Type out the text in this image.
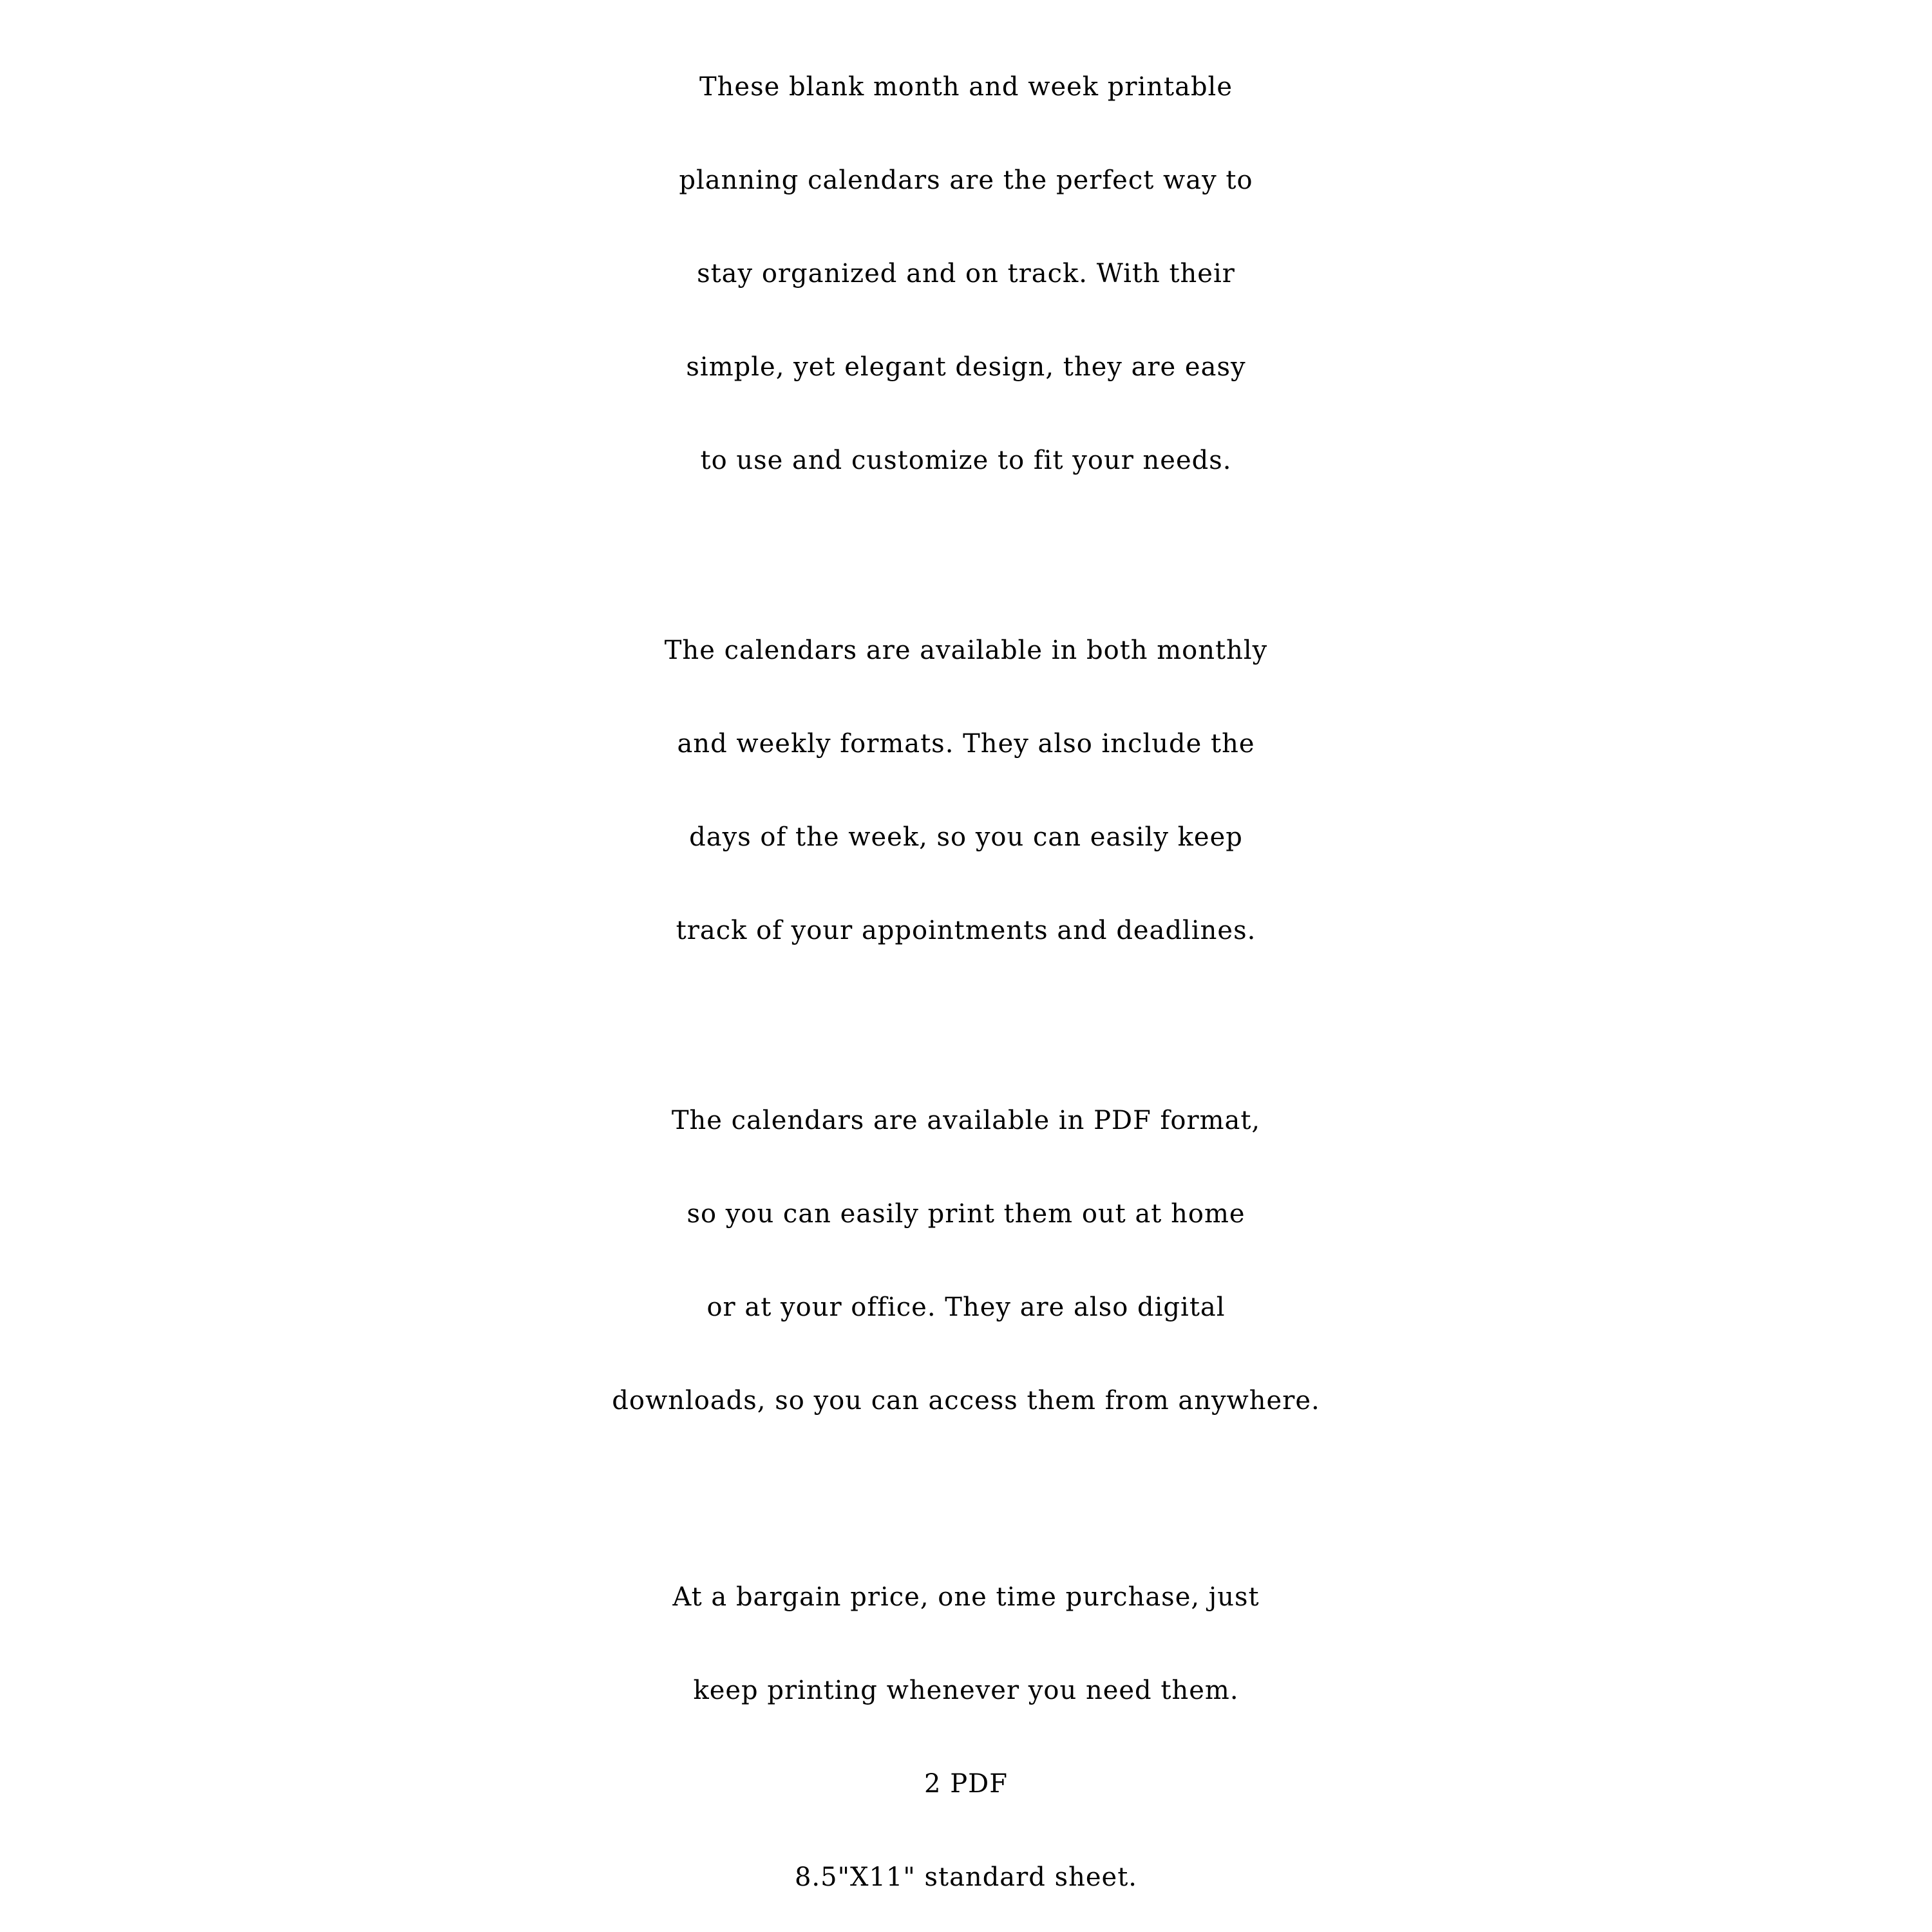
These blank month and week printable
planning calendars are the perfect way to
stay organized and on track. With their
simple, yet elegant design, they are easy
to use and customize to fit your needs.
The calendars are available in both monthly
and weekly formats. They also include the
days of the week, so you can easily keep
track of your appointments and deadlines.
The calendars are available in PDF format,
so you can easily print them out at home
or at your office. They are also digital
downloads, so you can access them from anywhere.
At a bargain price, one time purchase, just
keep printing whenever you need them.
2 PDF
8.5"X11" standard sheet.
